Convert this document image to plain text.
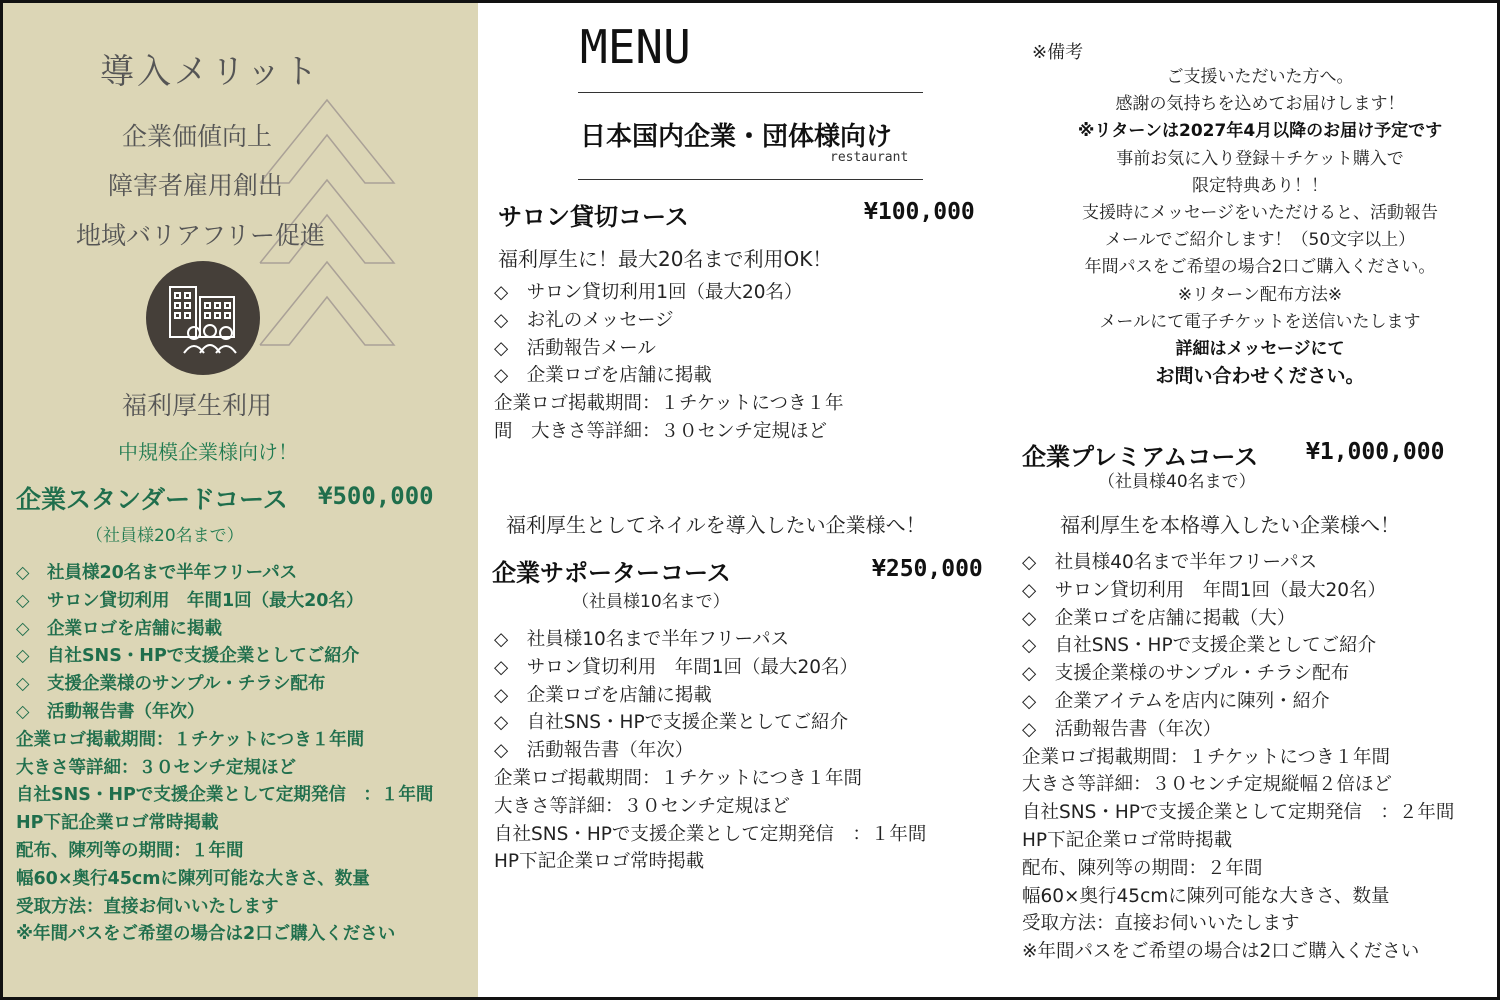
導入メリット
企業価値向上
障害者雇用創出
地域バリアフリー促進
福利厚生利用
中規模企業様向け！
企業スタンダードコース ¥500,000
（社員様20名まで）
◇　社員様20名まで半年フリーパス
◇　サロン貸切利用　年間1回（最大20名）
◇　企業ロゴを店舗に掲載
◇　自社SNS・HPで支援企業としてご紹介
◇　支援企業様のサンプル・チラシ配布
◇　活動報告書（年次）
企業ロゴ掲載期間：１チケットにつき１年間
大きさ等詳細：３０センチ定規ほど
自社SNS・HPで支援企業として定期発信　：１年間
HP下記企業ロゴ常時掲載
配布、陳列等の期間：１年間
幅60×奥行45cmに陳列可能な大きさ、数量
受取方法：直接お伺いいたします
※年間パスをご希望の場合は2口ご購入ください
MENU
日本国内企業・団体様向け
restaurant
サロン貸切コース	¥100,000
福利厚生に！最大20名まで利用OK！
◇　サロン貸切利用1回（最大20名）
◇　お礼のメッセージ
◇　活動報告メール
◇　企業ロゴを店舗に掲載
企業ロゴ掲載期間：１チケットにつき１年
間　大きさ等詳細：３０センチ定規ほど
福利厚生としてネイルを導入したい企業様へ！
企業サポーターコース	¥250,000
（社員様10名まで）
◇　社員様10名まで半年フリーパス
◇　サロン貸切利用　年間1回（最大20名）
◇　企業ロゴを店舗に掲載
◇　自社SNS・HPで支援企業としてご紹介
◇　活動報告書（年次）
企業ロゴ掲載期間：１チケットにつき１年間
大きさ等詳細：３０センチ定規ほど
自社SNS・HPで支援企業として定期発信　：１年間
HP下記企業ロゴ常時掲載
※備考
ご支援いただいた方へ。
感謝の気持ちを込めてお届けします！
※リターンは2027年4月以降のお届け予定です
事前お気に入り登録＋チケット購入で
限定特典あり！！
支援時にメッセージをいただけると、活動報告
メールでご紹介します！（50文字以上）
年間パスをご希望の場合2口ご購入ください。
※リターン配布方法※
メールにて電子チケットを送信いたします
詳細はメッセージにて
お問い合わせください。
企業プレミアムコース ¥1,000,000
（社員様40名まで）
福利厚生を本格導入したい企業様へ！
◇　社員様40名まで半年フリーパス
◇　サロン貸切利用　年間1回（最大20名）
◇　企業ロゴを店舗に掲載（大）
◇　自社SNS・HPで支援企業としてご紹介
◇　支援企業様のサンプル・チラシ配布
◇　企業アイテムを店内に陳列・紹介
◇　活動報告書（年次）
企業ロゴ掲載期間：１チケットにつき１年間
大きさ等詳細：３０センチ定規縦幅２倍ほど
自社SNS・HPで支援企業として定期発信　：２年間
HP下記企業ロゴ常時掲載
配布、陳列等の期間：２年間
幅60×奥行45cmに陳列可能な大きさ、数量
受取方法：直接お伺いいたします
※年間パスをご希望の場合は2口ご購入ください
